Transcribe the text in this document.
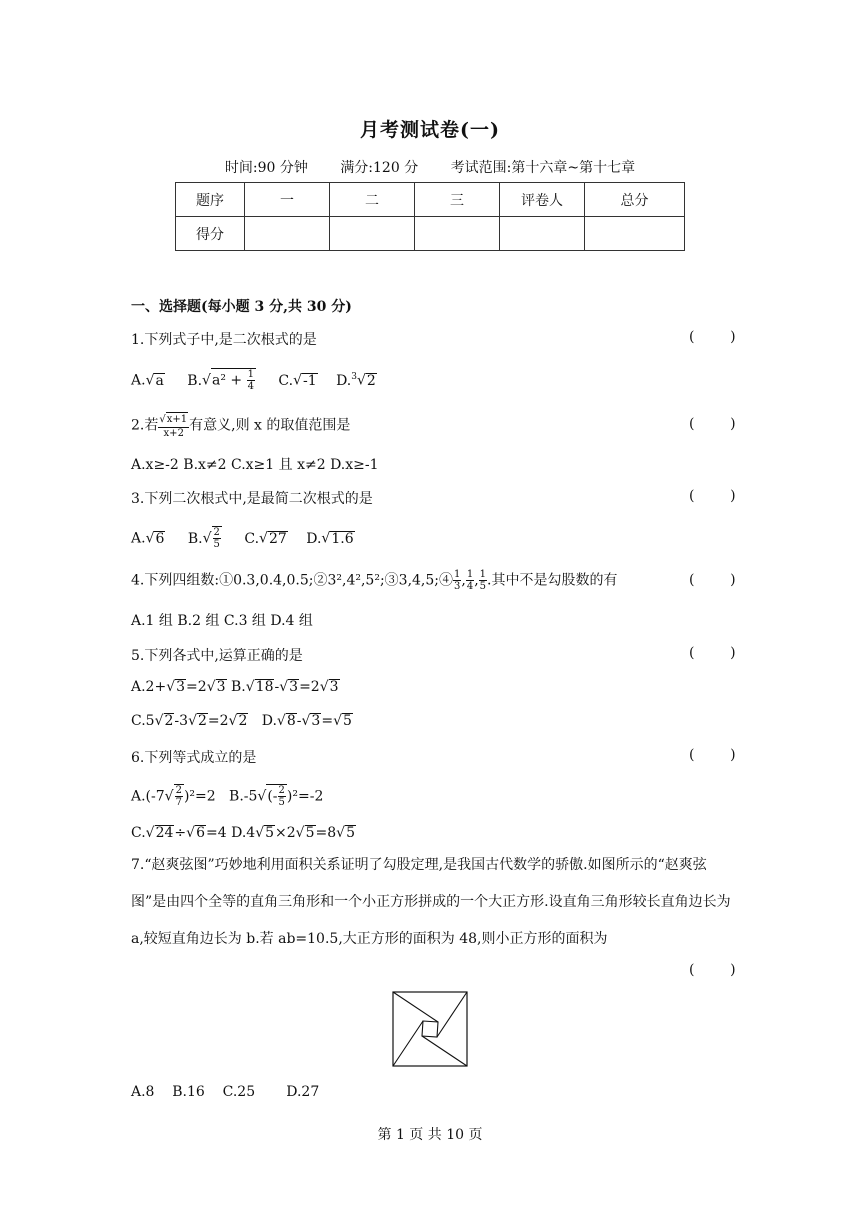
月考测试卷(一)
时间:90 分钟 满分:120 分 考试范围:第十六章~第十七章
题序	一	二	三	评卷人	总分
得分					
一、选择题(每小题 3 分,共 30 分)
1.下列式子中,是二次根式的是	(        )
A.√a $B.√a^2 + \frac{1}{4} C.√-1$ D.$^3$√2
2.若 $\frac{√x+1}{x+2}$ 有意义,则 x 的取值范围是	(        )
A.x≥-2 B.x≠2 C.x≥1 且 x≠2 D.x≥-1
3.下列二次根式中,是最简二次根式的是	(        )
A.√6 $B.√ \frac{2}{5} C.√27$ D.√1.6
4.下列四组数:①0.3,0.4,0.5;②3²,4²,5²;③3,4,5;④ $\frac{1}{3}$ , $\frac{1}{4}$ , $\frac{1}{5}$ .其中不是勾股数的有	(        )
A.1 组 B.2 组 C.3 组 D.4 组
5.下列各式中,运算正确的是	(        )
A.2+√3=2√3 B.√18-√3=2√3
C.5√2-3√2=2√2   D.√8-√3=√5
6.下列等式成立的是	(        )
$A.(-7√ \frac{2}{7} )^2=2$   $B.-5√(- \frac{2}{5} )^2=-2$
C.√24÷√6=4 D.4√5×2√5=8√5
7.“赵爽弦图”巧妙地利用面积关系证明了勾股定理,是我国古代数学的骄傲.如图所示的“赵爽弦图”是由四个全等的直角三角形和一个小正方形拼成的一个大正方形.设直角三角形较长直角边长为 a,较短直角边长为 b.若 ab=10.5,大正方形的面积为 48,则小正方形的面积为
(        )
A.8    B.16    C.25       D.27
第 1 页 共 10 页
